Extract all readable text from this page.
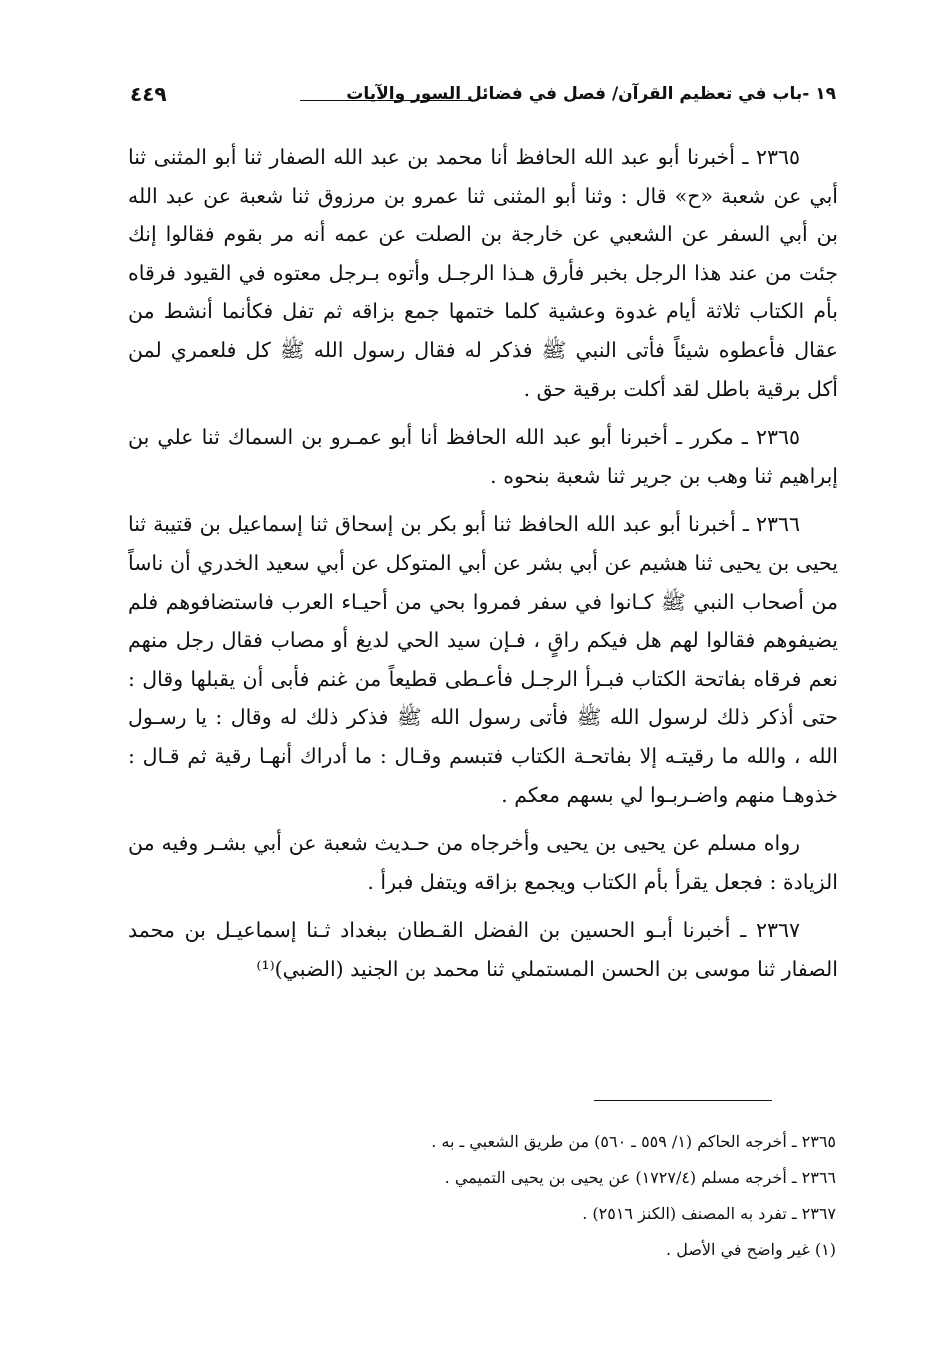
١٩ -باب في تعظيم القرآن/ فصل في فضائل السور والآيات
٤٤٩

٢٣٦٥ ـ أخبرنا أبو عبد الله الحافظ أنا محمد بن عبد الله الصفار ثنا أبو المثنى ثنا أبي عن شعبة «ح» قال : وثنا أبو المثنى ثنا عمرو بن مرزوق ثنا شعبة عن عبد الله بن أبي السفر عن الشعبي عن خارجة بن الصلت عن عمه أنه مر بقوم فقالوا إنك جئت من عند هذا الرجل بخبر فأرق هـذا الرجـل وأتوه بـرجل معتوه في القيود فرقاه بأم الكتاب ثلاثة أيام غدوة وعشية كلما ختمها جمع بزاقه ثم تفل فكأنما أنشط من عقال فأعطوه شيئاً فأتى النبي ﷺ فذكر له فقال رسول الله ﷺ كل فلعمري لمن أكل برقية باطل لقد أكلت برقية حق .

٢٣٦٥ ـ مكرر ـ أخبرنا أبو عبد الله الحافظ أنا أبو عمـرو بن السماك ثنا علي بن إبراهيم ثنا وهب بن جرير ثنا شعبة بنحوه .

٢٣٦٦ ـ أخبرنا أبو عبد الله الحافظ ثنا أبو بكر بن إسحاق ثنا إسماعيل بن قتيبة ثنا يحيى بن يحيى ثنا هشيم عن أبي بشر عن أبي المتوكل عن أبي سعيد الخدري أن ناساً من أصحاب النبي ﷺ كـانوا في سفر فمروا بحي من أحيـاء العرب فاستضافوهم فلم يضيفوهم فقالوا لهم هل فيكم راقٍ ، فـإن سيد الحي لديغ أو مصاب فقال رجل منهم نعم فرقاه بفاتحة الكتاب فبـرأ الرجـل فأعـطى قطيعاً من غنم فأبى أن يقبلها وقال : حتى أذكر ذلك لرسول الله ﷺ فأتى رسول الله ﷺ فذكر ذلك له وقال : يا رسـول الله ، والله ما رقيتـه إلا بفاتحـة الكتاب فتبسم وقـال : ما أدراك أنهـا رقية ثم قـال : خذوهـا منهم واضـربـوا لي بسهم معكم .

رواه مسلم عن يحيى بن يحيى وأخرجاه من حـديث شعبة عن أبي بشـر وفيه من الزيادة : فجعل يقرأ بأم الكتاب ويجمع بزاقه ويتفل فبرأ .

٢٣٦٧ ـ أخبرنا أبـو الحسين بن الفضل القـطان ببغداد ثـنا إسماعيـل بن محمد الصفار ثنا موسى بن الحسن المستملي ثنا محمد بن الجنيد (الضبي)⁽¹⁾

٢٣٦٥ ـ أخرجه الحاكم (١/ ٥٥٩ ـ ٥٦٠) من طريق الشعبي ـ به .

٢٣٦٦ ـ أخرجه مسلم (١٧٢٧/٤) عن يحيى بن يحيى التميمي .

٢٣٦٧ ـ تفرد به المصنف (الكنز ٢٥١٦) .

(١) غير واضح في الأصل .
